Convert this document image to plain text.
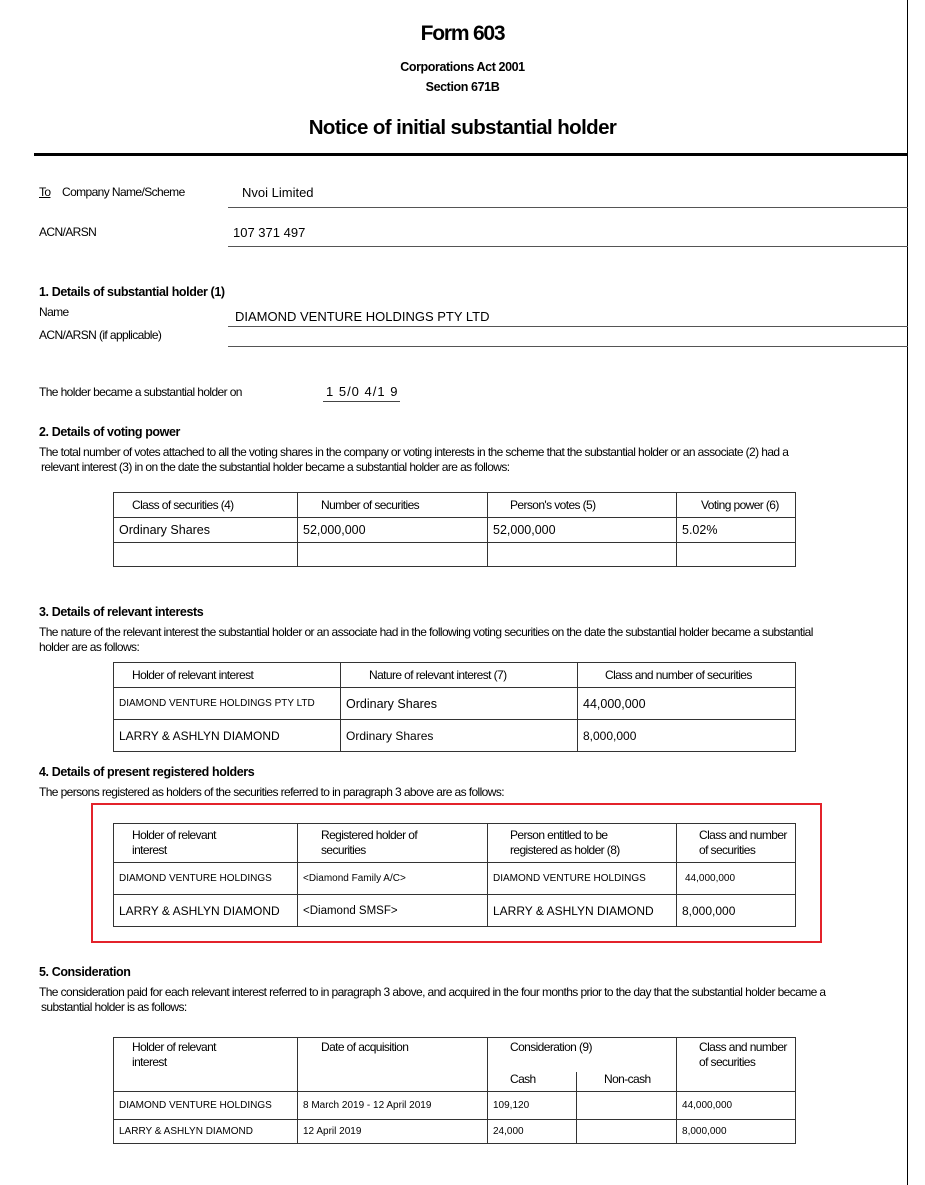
Form 603
Corporations Act 2001
Section 671B
Notice of initial substantial holder
To Company Name/Scheme	Nvoi Limited
ACN/ARSN	107 371 497
1. Details of substantial holder (1)
Name	DIAMOND VENTURE HOLDINGS PTY LTD
ACN/ARSN (if applicable)
The holder became a substantial holder on	1 5/0 4/1 9
2. Details of voting power
The total number of votes attached to all the voting shares in the company or voting interests in the scheme that the substantial holder or an associate (2) had a
relevant interest (3) in on the date the substantial holder became a substantial holder are as follows:
Class of securities (4)	Number of securities	Person's votes (5)	Voting power (6)
Ordinary Shares	52,000,000	52,000,000	5.02%

3. Details of relevant interests
The nature of the relevant interest the substantial holder or an associate had in the following voting securities on the date the substantial holder became a substantial
holder are as follows:
Holder of relevant interest	Nature of relevant interest (7)	Class and number of securities
DIAMOND VENTURE HOLDINGS PTY LTD	Ordinary Shares	44,000,000
LARRY & ASHLYN DIAMOND	Ordinary Shares	8,000,000
4. Details of present registered holders
The persons registered as holders of the securities referred to in paragraph 3 above are as follows:
Holder of relevant interest	Registered holder of securities	Person entitled to be registered as holder (8)	Class and number of securities
DIAMOND VENTURE HOLDINGS	<Diamond Family A/C>	DIAMOND VENTURE HOLDINGS	44,000,000
LARRY & ASHLYN DIAMOND	<Diamond SMSF>	LARRY & ASHLYN DIAMOND	8,000,000
5. Consideration
The consideration paid for each relevant interest referred to in paragraph 3 above, and acquired in the four months prior to the day that the substantial holder became a
substantial holder is as follows:
Holder of relevant interest	Date of acquisition	Consideration (9)		Class and number of securities
		Cash	Non-cash	
DIAMOND VENTURE HOLDINGS	8 March 2019 - 12 April 2019	109,120		44,000,000
LARRY & ASHLYN DIAMOND	12 April 2019	24,000		8,000,000
